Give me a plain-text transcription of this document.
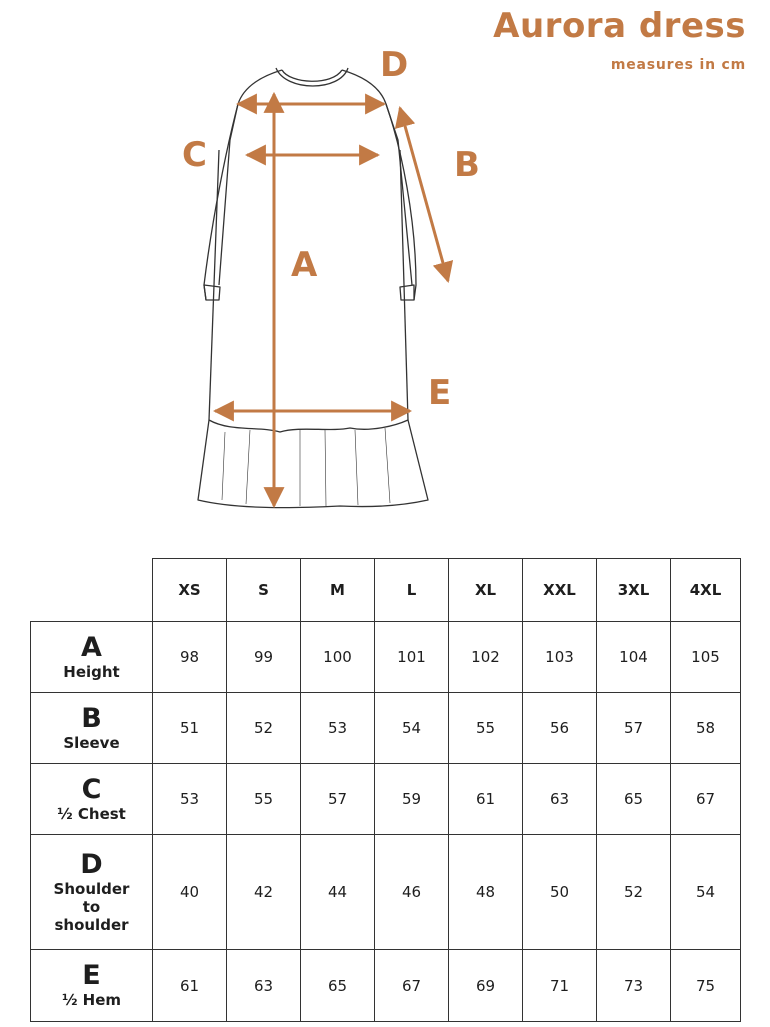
Aurora dress
measures in cm
D
C	B
A
E
	XS	S	M	L	XL	XXL	3XL	4XL

A
Height	98	99	100	101	102	103	104	105

B
Sleeve	51	52	53	54	55	56	57	58

C
½ Chest	53	55	57	59	61	63	65	67

D
Shoulder to shoulder	40	42	44	46	48	50	52	54

E
½ Hem	61	63	65	67	69	71	73	75
